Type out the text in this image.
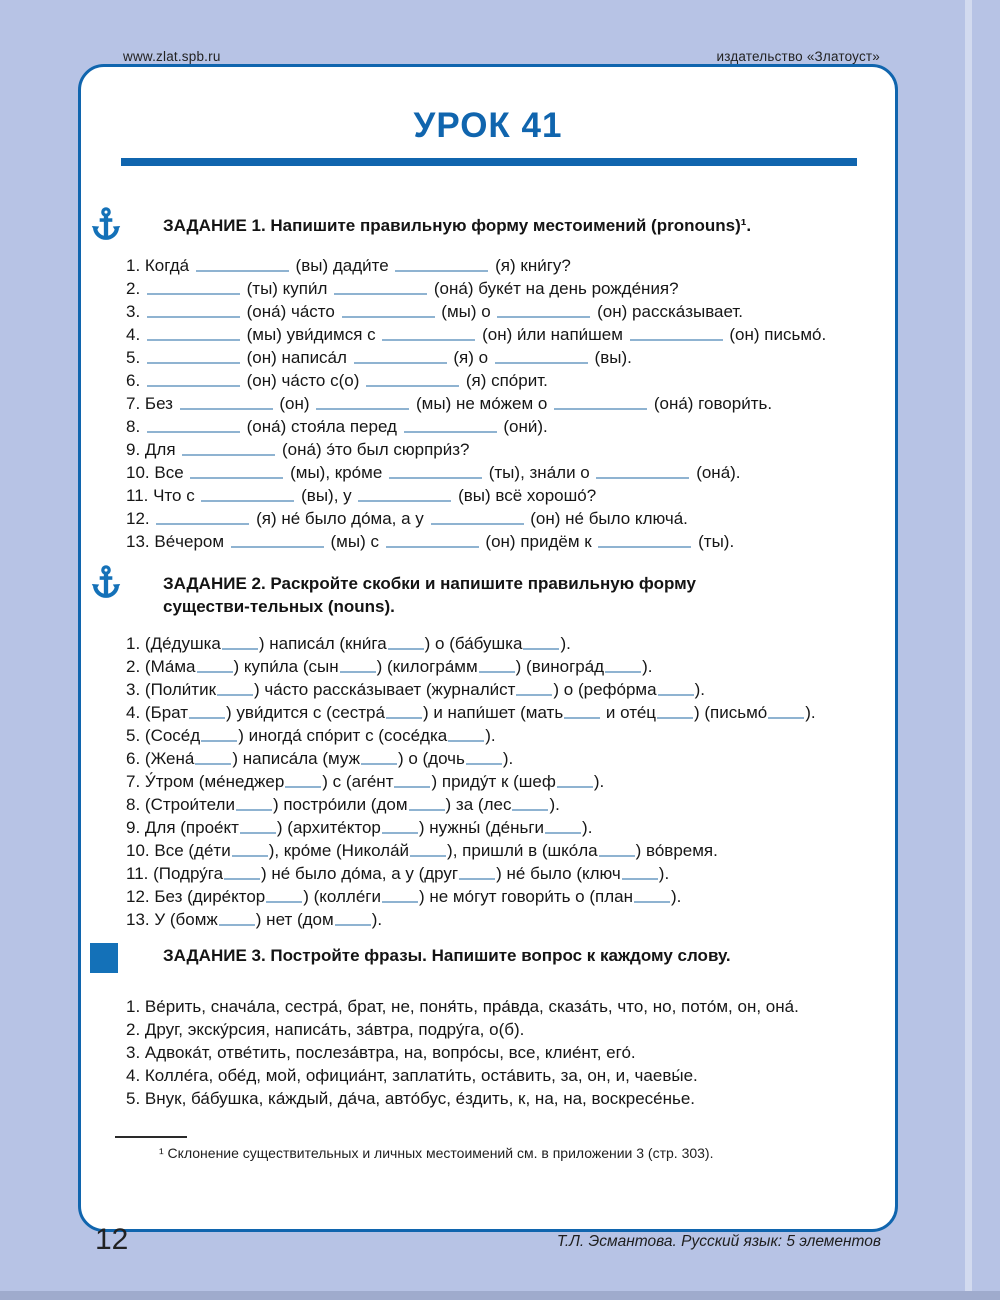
www.zlat.spb.ru	издательство «Златоуст»
УРОК 41
ЗАДАНИЕ 1. Напишите правильную форму местоимений (pronouns)¹.
1. Когда́	(вы) дади́те	(я) кни́гу?
2.	(ты) купи́л	(она́) буке́т на день рожде́ния?
3.	(она́) ча́сто	(мы) о	(он) расска́зывает.
4.	(мы) уви́димся с	(он) и́ли напи́шем	(он) письмо́.
5.	(он) написа́л	(я) о	(вы).
6.	(он) ча́сто с(о)	(я) спо́рит.
7. Без	(он)	(мы) не мо́жем о	(она́) говори́ть.
8.	(она́) стоя́ла перед	(они́).
9. Для	(она́) э́то был сюрпри́з?
10. Все	(мы), кро́ме	(ты), зна́ли о	(она́).
11. Что с	(вы), у	(вы) всё хорошо́?
12.	(я) не́ было до́ма, а у	(он) не́ было ключа́.
13. Ве́чером	(мы) с	(он) придём к	(ты).
ЗАДАНИЕ 2. Раскройте скобки и напишите правильную форму существи-тельных (nouns).
1. (Де́душка ) написа́л (кни́га ) о (ба́бушка ).
2. (Ма́ма ) купи́ла (сын ) (килогра́мм ) (виногра́д ).
3. (Поли́тик ) ча́сто расска́зывает (журнали́ст ) о (рефо́рма ).
4. (Брат ) уви́дится с (сестра́ ) и напи́шет (мать и оте́ц ) (письмо́ ).
5. (Сосе́д ) иногда́ спо́рит с (сосе́дка ).
6. (Жена́ ) написа́ла (муж ) о (дочь ).
7. У́тром (ме́неджер ) с (аге́нт ) приду́т к (шеф ).
8. (Строи́тели ) постро́или (дом ) за (лес ).
9. Для (прое́кт ) (архите́ктор ) нужны́ (де́ньги ).
10. Все (де́ти ), кро́ме (Никола́й ), пришли́ в (шко́ла ) во́время.
11. (Подру́га ) не́ было до́ма, а у (друг ) не́ было (ключ ).
12. Без (дире́ктор ) (колле́ги ) не мо́гут говори́ть о (план ).
13. У (бомж ) нет (дом ).
ЗАДАНИЕ 3. Постройте фразы. Напишите вопрос к каждому слову.
1. Ве́рить, снача́ла, сестра́, брат, не, поня́ть, пра́вда, сказа́ть, что, но, пото́м, он, она́.
2. Друг, экску́рсия, написа́ть, за́втра, подру́га, о(б).
3. Адвока́т, отве́тить, послеза́втра, на, вопро́сы, все, клие́нт, его́.
4. Колле́га, обе́д, мой, официа́нт, заплати́ть, оста́вить, за, он, и, чаевы́е.
5. Внук, ба́бушка, ка́ждый, да́ча, авто́бус, е́здить, к, на, на, воскресе́нье.
¹ Склонение существительных и личных местоимений см. в приложении 3 (стр. 303).
12	Т.Л. Эсмантова. Русский язык: 5 элементов
